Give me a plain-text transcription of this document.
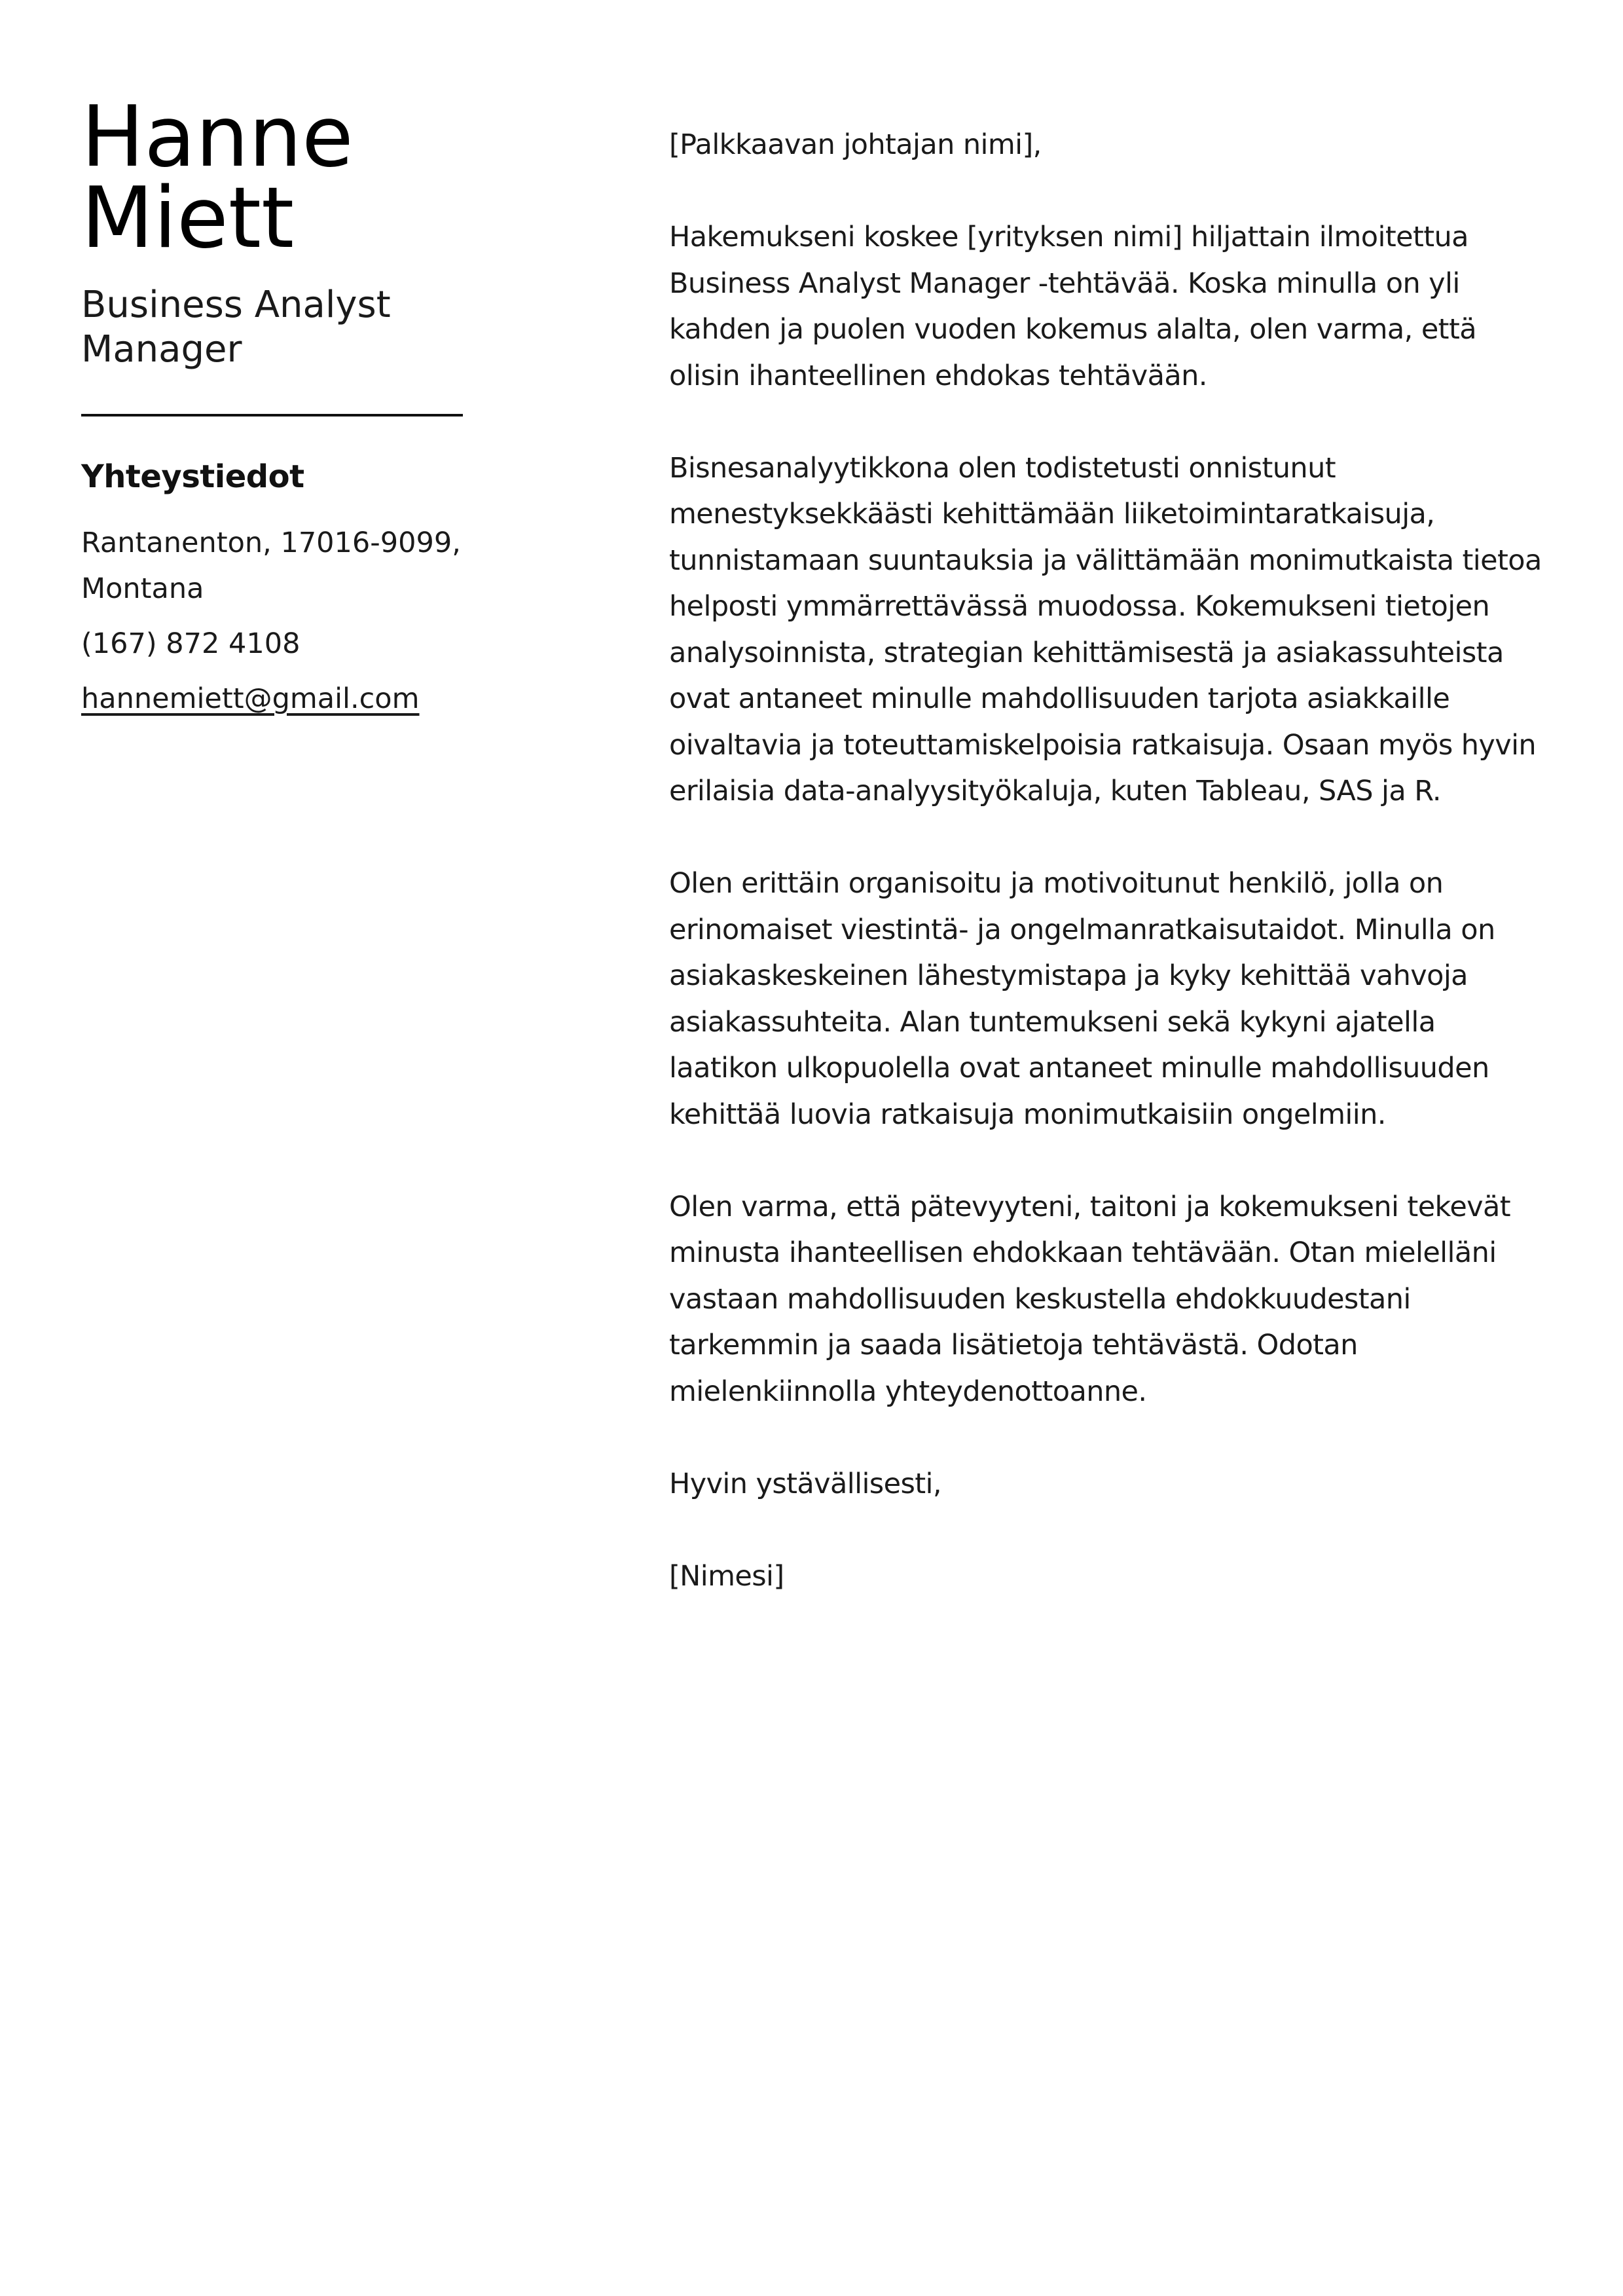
Hanne
Miett
Business Analyst Manager
Yhteystiedot
Rantanenton, 17016-9099, Montana
(167) 872 4108
hannemiett@gmail.com

[Palkkaavan johtajan nimi],

Hakemukseni koskee [yrityksen nimi] hiljattain ilmoitettua Business Analyst Manager -tehtävää. Koska minulla on yli kahden ja puolen vuoden kokemus alalta, olen varma, että olisin ihanteellinen ehdokas tehtävään.

Bisnesanalyytikkona olen todistetusti onnistunut menestyksekkäästi kehittämään liiketoimintaratkaisuja, tunnistamaan suuntauksia ja välittämään monimutkaista tietoa helposti ymmärrettävässä muodossa. Kokemukseni tietojen analysoinnista, strategian kehittämisestä ja asiakassuhteista ovat antaneet minulle mahdollisuuden tarjota asiakkaille oivaltavia ja toteuttamiskelpoisia ratkaisuja. Osaan myös hyvin erilaisia data-analyysityökaluja, kuten Tableau, SAS ja R.

Olen erittäin organisoitu ja motivoitunut henkilö, jolla on erinomaiset viestintä- ja ongelmanratkaisutaidot. Minulla on asiakaskeskeinen lähestymistapa ja kyky kehittää vahvoja asiakassuhteita. Alan tuntemukseni sekä kykyni ajatella laatikon ulkopuolella ovat antaneet minulle mahdollisuuden kehittää luovia ratkaisuja monimutkaisiin ongelmiin.

Olen varma, että pätevyyteni, taitoni ja kokemukseni tekevät minusta ihanteellisen ehdokkaan tehtävään. Otan mielelläni vastaan mahdollisuuden keskustella ehdokkuudestani tarkemmin ja saada lisätietoja tehtävästä. Odotan mielenkiinnolla yhteydenottoanne.

Hyvin ystävällisesti,

[Nimesi]
